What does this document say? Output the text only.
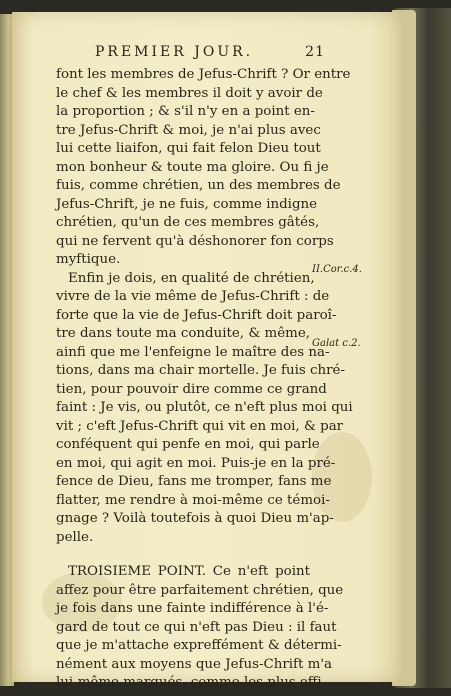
PREMIER JOUR.	21
font les membres de Jefus-Chrift ? Or entre
le chef & les membres il doit y avoir de
la proportion ; & s'il n'y en a point en-
tre Jefus-Chrift & moi, je n'ai plus avec
lui cette liaifon, qui fait felon Dieu tout
mon bonheur & toute ma gloire. Ou fi je
fuis, comme chrétien, un des membres de
Jefus-Chrift, je ne fuis, comme indigne
chrétien, qu'un de ces membres gâtés,
qui ne fervent qu'à déshonorer fon corps
myftique.
Enfin je dois, en qualité de chrétien,
vivre de la vie même de Jefus-Chrift : de
forte que la vie de Jefus-Chrift doit paroî-
tre dans toute ma conduite, & même,
ainfi que me l'enfeigne le maître des na-
tions, dans ma chair mortelle. Je fuis chré-
tien, pour pouvoir dire comme ce grand
faint : Je vis, ou plutôt, ce n'eft plus moi qui
vit ; c'eft Jefus-Chrift qui vit en moi, & par
conféquent qui penfe en moi, qui parle
en moi, qui agit en moi. Puis-je en la pré-
fence de Dieu, fans me tromper, fans me
flatter, me rendre à moi-même ce témoi-
gnage ? Voilà toutefois à quoi Dieu m'ap-
pelle.
TROISIEME POINT. Ce n'eft point
affez pour être parfaitement chrétien, que
je fois dans une fainte indifférence à l'é-
gard de tout ce qui n'eft pas Dieu : il faut
que je m'attache expreffément & détermi-
nément aux moyens que Jefus-Chrift m'a
lui-même marqués, comme les plus effi-
II.Cor.c.4.
Galat c.2.
